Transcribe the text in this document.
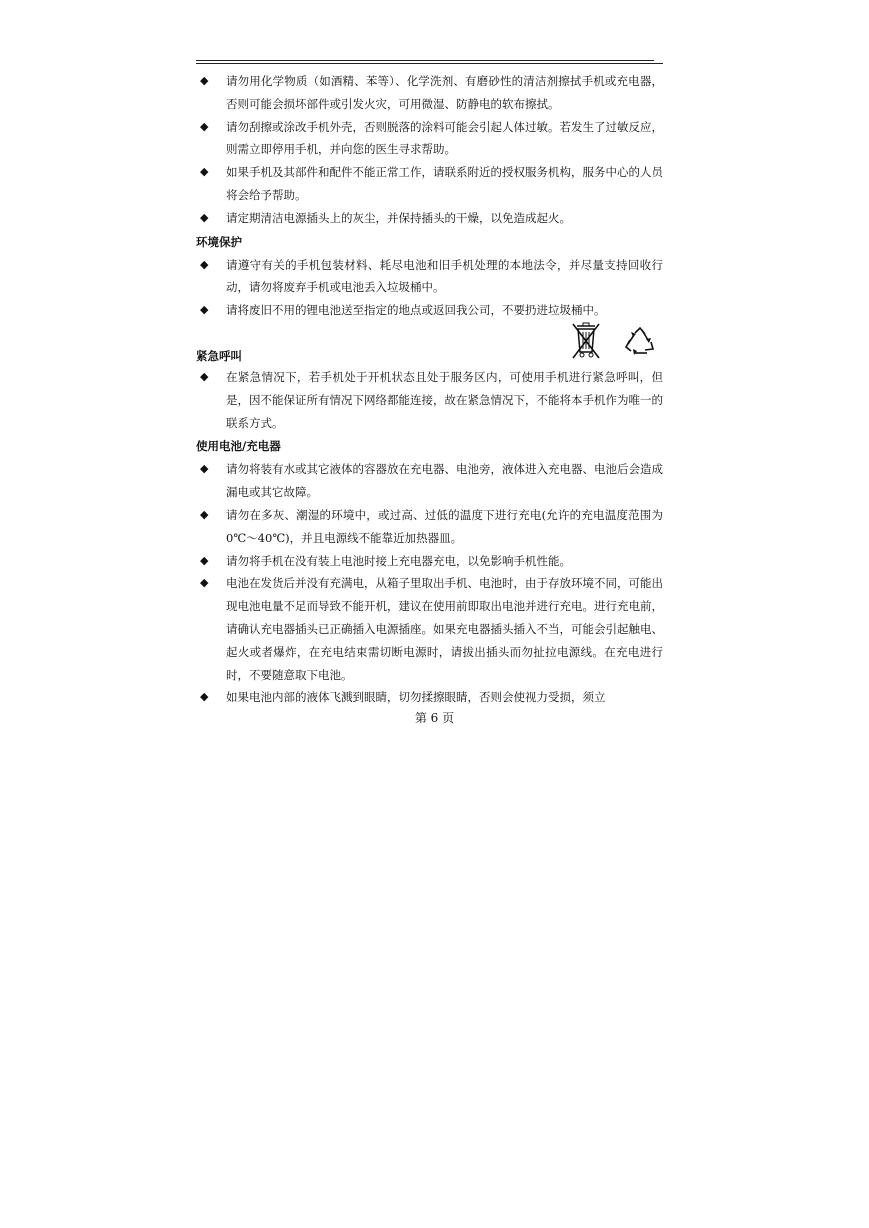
◆ 请勿用化学物质（如酒精、苯等）、化学洗剂、有磨砂性的清洁剂擦拭手机或充电器，否则可能会损坏部件或引发火灾，可用微湿、防静电的软布擦拭。
◆ 请勿刮擦或涂改手机外壳，否则脱落的涂料可能会引起人体过敏。若发生了过敏反应，则需立即停用手机，并向您的医生寻求帮助。
◆ 如果手机及其部件和配件不能正常工作，请联系附近的授权服务机构，服务中心的人员将会给予帮助。
◆ 请定期清洁电源插头上的灰尘，并保持插头的干燥，以免造成起火。
环境保护
◆ 请遵守有关的手机包装材料、耗尽电池和旧手机处理的本地法令，并尽量支持回收行动，请勿将废弃手机或电池丢入垃圾桶中。
◆ 请将废旧不用的锂电池送至指定的地点或返回我公司，不要扔进垃圾桶中。
紧急呼叫
◆ 在紧急情况下，若手机处于开机状态且处于服务区内，可使用手机进行紧急呼叫，但是，因不能保证所有情况下网络都能连接，故在紧急情况下，不能将本手机作为唯一的联系方式。
使用电池/充电器
◆ 请勿将装有水或其它液体的容器放在充电器、电池旁，液体进入充电器、电池后会造成漏电或其它故障。
◆ 请勿在多灰、潮湿的环境中，或过高、过低的温度下进行充电(允许的充电温度范围为 0℃～40℃)，并且电源线不能靠近加热器皿。
◆ 请勿将手机在没有装上电池时接上充电器充电，以免影响手机性能。
◆ 电池在发货后并没有充满电，从箱子里取出手机、电池时，由于存放环境不同，可能出现电池电量不足而导致不能开机，建议在使用前即取出电池并进行充电。进行充电前，请确认充电器插头已正确插入电源插座。如果充电器插头插入不当，可能会引起触电、起火或者爆炸，在充电结束需切断电源时，请拔出插头而勿扯拉电源线。在充电进行时，不要随意取下电池。
◆ 如果电池内部的液体飞溅到眼睛，切勿揉擦眼睛，否则会使视力受损，须立
第 6 页
